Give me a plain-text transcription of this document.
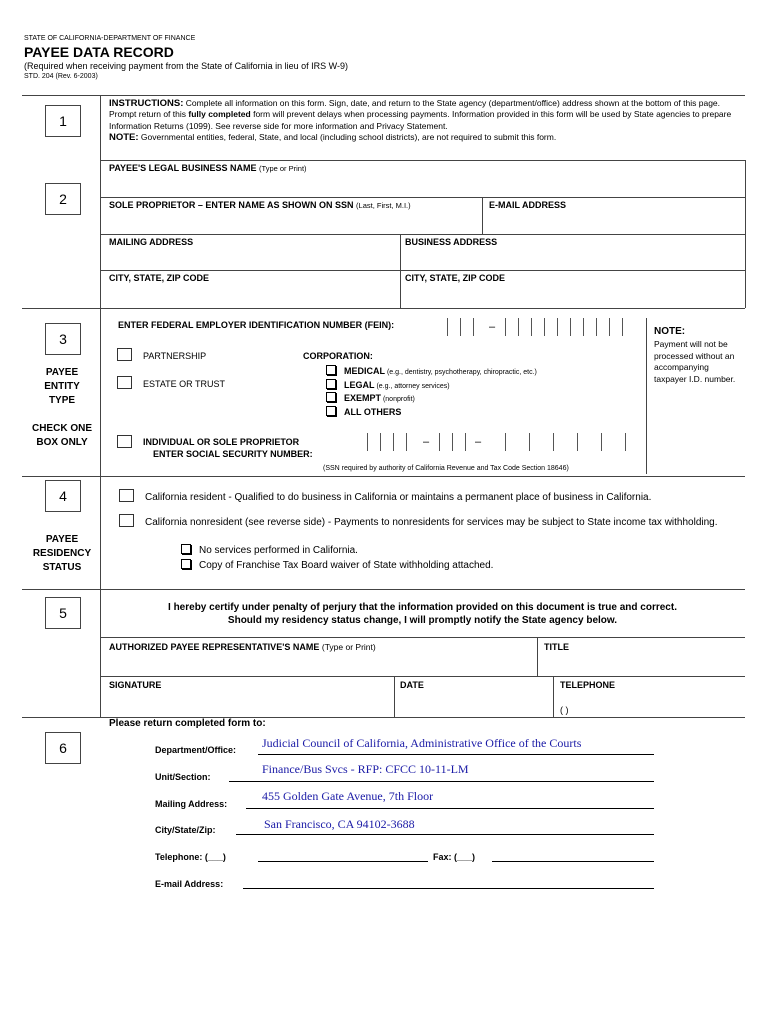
STATE OF CALIFORNIA-DEPARTMENT OF FINANCE
PAYEE DATA RECORD
(Required when receiving payment from the State of California in lieu of IRS W-9)
STD. 204 (Rev. 6-2003)
1
INSTRUCTIONS: Complete all information on this form. Sign, date, and return to the State agency (department/office) address shown at the bottom of this page. Prompt return of this fully completed form will prevent delays when processing payments. Information provided in this form will be used by State agencies to prepare Information Returns (1099). See reverse side for more information and Privacy Statement.
NOTE: Governmental entities, federal, State, and local (including school districts), are not required to submit this form.
2
PAYEE'S LEGAL BUSINESS NAME (Type or Print)
SOLE PROPRIETOR – ENTER NAME AS SHOWN ON SSN (Last, First, M.I.)	E-MAIL ADDRESS
MAILING ADDRESS	BUSINESS ADDRESS
CITY, STATE, ZIP CODE	CITY, STATE, ZIP CODE
3
PAYEE ENTITY TYPE
CHECK ONE BOX ONLY
ENTER FEDERAL EMPLOYER IDENTIFICATION NUMBER (FEIN):	–	NOTE:
Payment will not be processed without an accompanying taxpayer I.D. number.
PARTNERSHIP
ESTATE OR TRUST
CORPORATION:
MEDICAL (e.g., dentistry, psychotherapy, chiropractic, etc.)
LEGAL (e.g., attorney services)
EXEMPT (nonprofit)
ALL OTHERS
INDIVIDUAL OR SOLE PROPRIETOR
ENTER SOCIAL SECURITY NUMBER:
–	–
(SSN required by authority of California Revenue and Tax Code Section 18646)
4
PAYEE RESIDENCY STATUS
California resident - Qualified to do business in California or maintains a permanent place of business in California.
California nonresident (see reverse side) - Payments to nonresidents for services may be subject to State income tax withholding.
No services performed in California.
Copy of Franchise Tax Board waiver of State withholding attached.
5	I hereby certify under penalty of perjury that the information provided on this document is true and correct.
Should my residency status change, I will promptly notify the State agency below.
AUTHORIZED PAYEE REPRESENTATIVE'S NAME (Type or Print)	TITLE
SIGNATURE	DATE	TELEPHONE
( )
6
Please return completed form to:
Department/Office: Judicial Council of California, Administrative Office of the Courts
Unit/Section:
Finance/Bus Svcs - RFP: CFCC 10-11-LM
Mailing Address:
455 Golden Gate Avenue, 7th Floor
City/State/Zip:	San Francisco, CA 94102-3688
Telephone: (___)	Fax: (___)
E-mail Address:
